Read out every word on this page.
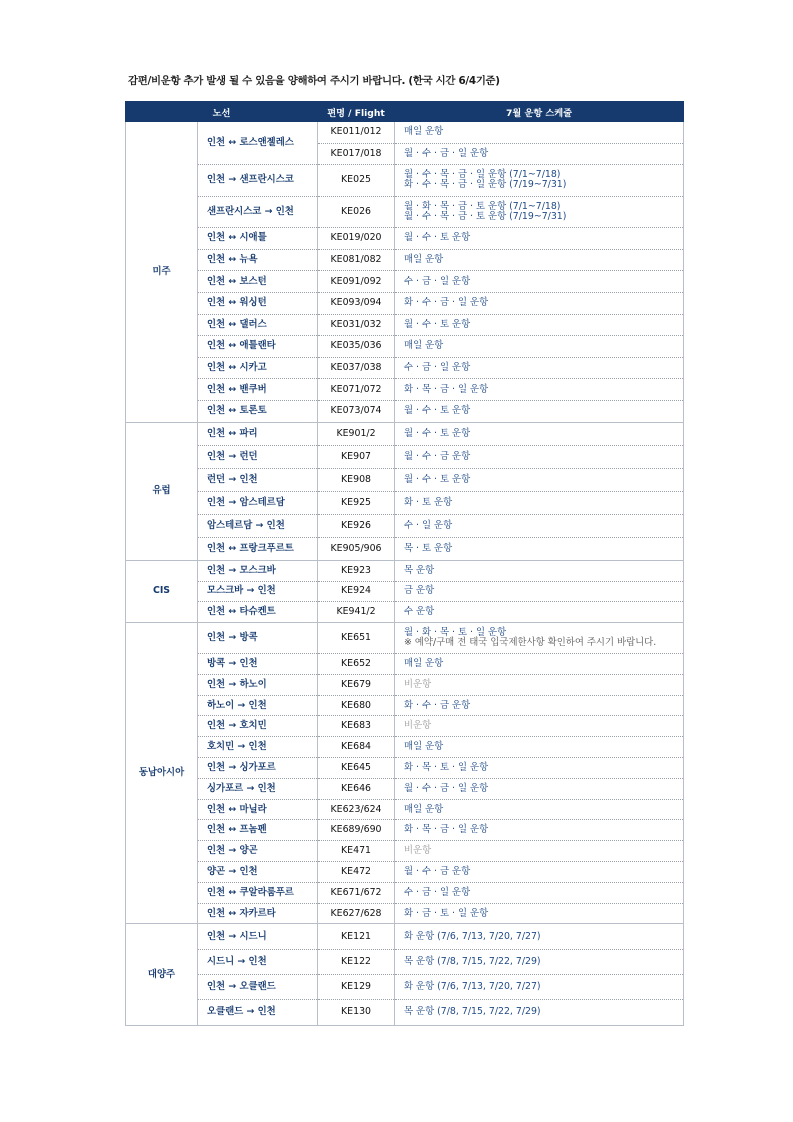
감편/비운항 추가 발생 될 수 있음을 양해하여 주시기 바랍니다. (한국 시간 6/4기준)
노선		편명 / Flight	7월 운항 스케줄
미주	인천 ↔ 로스앤젤레스	KE011/012	매일 운항

		KE017/018	월 · 수 · 금 · 일 운항

	인천 → 샌프란시스코	KE025	월 · 수 · 목 · 금 · 일 운항 (7/1~7/18)
화 · 수 · 목 · 금 · 일 운항 (7/19~7/31)

	샌프란시스코 → 인천	KE026	월 · 화 · 목 · 금 · 토 운항 (7/1~7/18)
월 · 수 · 목 · 금 · 토 운항 (7/19~7/31)

	인천 ↔ 시애틀	KE019/020	월 · 수 · 토 운항

	인천 ↔ 뉴욕	KE081/082	매일 운항

	인천 ↔ 보스턴	KE091/092	수 · 금 · 일 운항

	인천 ↔ 워싱턴	KE093/094	화 · 수 · 금 · 일 운항

	인천 ↔ 댈러스	KE031/032	월 · 수 · 토 운항

	인천 ↔ 애틀랜타	KE035/036	매일 운항

	인천 ↔ 시카고	KE037/038	수 · 금 · 일 운항

	인천 ↔ 밴쿠버	KE071/072	화 · 목 · 금 · 일 운항

	인천 ↔ 토론토	KE073/074	월 · 수 · 토 운항

유럽	인천 ↔ 파리	KE901/2	월 · 수 · 토 운항

	인천 → 런던	KE907	월 · 수 · 금 운항

	런던 → 인천	KE908	월 · 수 · 토 운항

	인천 → 암스테르담	KE925	화 · 토 운항

	암스테르담 → 인천	KE926	수 · 일 운항

	인천 ↔ 프랑크푸르트	KE905/906	목 · 토 운항

CIS	인천 → 모스크바	KE923	목 운항

	모스크바 → 인천	KE924	금 운항

	인천 ↔ 타슈켄트	KE941/2	수 운항

동남아시아	인천 → 방콕	KE651	월 · 화 · 목 · 토 · 일 운항
※ 예약/구매 전 태국 입국제한사항 확인하여 주시기 바랍니다.

	방콕 → 인천	KE652	매일 운항

	인천 → 하노이	KE679	비운항

	하노이 → 인천	KE680	화 · 수 · 금 운항

	인천 → 호치민	KE683	비운항

	호치민 → 인천	KE684	매일 운항

	인천 → 싱가포르	KE645	화 · 목 · 토 · 일 운항

	싱가포르 → 인천	KE646	월 · 수 · 금 · 일 운항

	인천 ↔ 마닐라	KE623/624	매일 운항

	인천 ↔ 프놈펜	KE689/690	화 · 목 · 금 · 일 운항

	인천 → 양곤	KE471	비운항

	양곤 → 인천	KE472	월 · 수 · 금 운항

	인천 ↔ 쿠알라룸푸르	KE671/672	수 · 금 · 일 운항

	인천 ↔ 자카르타	KE627/628	화 · 금 · 토 · 일 운항

대양주	인천 → 시드니	KE121	화 운항 (7/6, 7/13, 7/20, 7/27)

	시드니 → 인천	KE122	목 운항 (7/8, 7/15, 7/22, 7/29)

	인천 → 오클랜드	KE129	화 운항 (7/6, 7/13, 7/20, 7/27)

	오클랜드 → 인천	KE130	목 운항 (7/8, 7/15, 7/22, 7/29)
